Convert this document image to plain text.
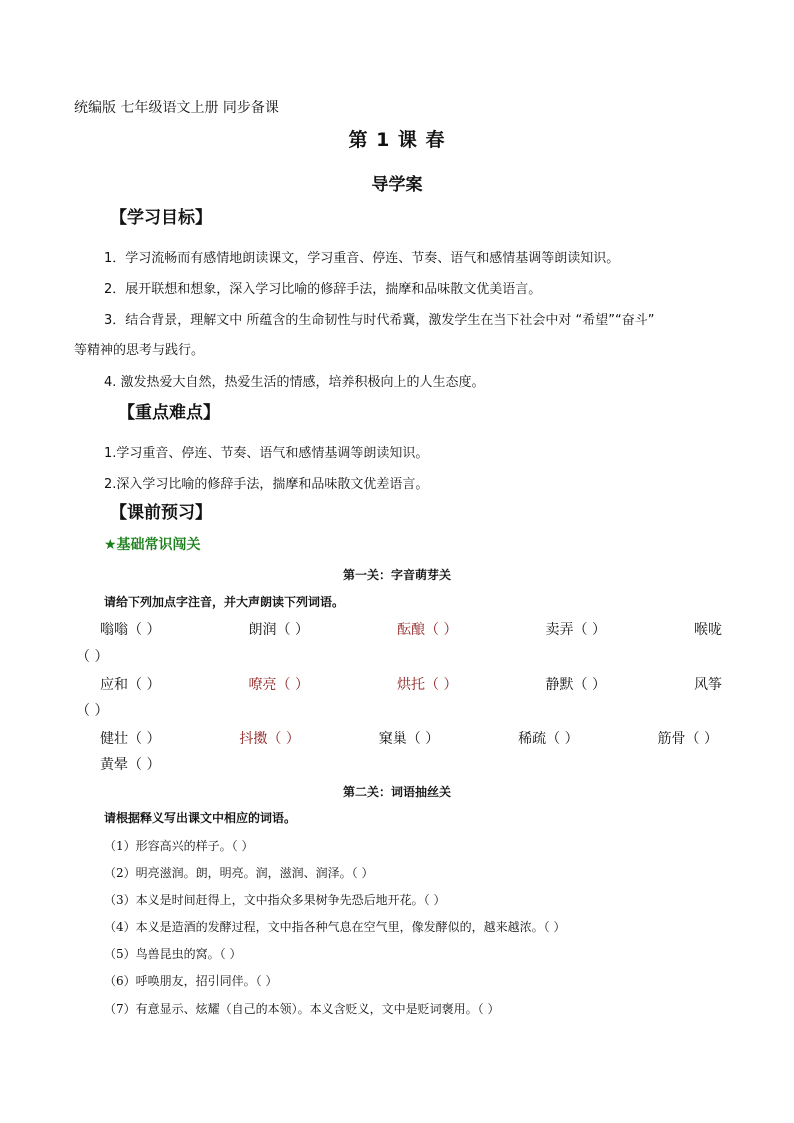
统编版 七年级语文上册 同步备课
第 1 课 春
导学案
【学习目标】
1．学习流畅而有感情地朗读课文，学习重音、停连、节奏、语气和感情基调等朗读知识。
2．展开联想和想象，深入学习比喻的修辞手法，揣摩和品味散文优美语言。
3．结合背景，理解文中 所蕴含的生命韧性与时代希冀，激发学生在当下社会中对 “希望”“奋斗”
等精神的思考与践行。
4. 激发热爱大自然，热爱生活的情感，培养积极向上的人生态度。
【重点难点】
1.学习重音、停连、节奏、语气和感情基调等朗读知识。
2.深入学习比喻的修辞手法，揣摩和品味散文优差语言。
【课前预习】
★基础常识闯关
第一关：字音萌芽关
请给下列加点字注音，并大声朗读下列词语。
嗡嗡（ ）	朗润（ ）	酝酿（ ）	卖弄（ ）	喉咙
（ ）
应和（ ）	嘹亮（ ）	烘托（ ）	静默（ ）	风筝
（ ）
健壮（ ）	抖擞（ ）	窠巢（ ）	稀疏（ ）	筋骨（ ）
黄晕（ ）
第二关：词语抽丝关
请根据释义写出课文中相应的词语。
（1）形容高兴的样子。（ ）
（2）明亮滋润。朗，明亮。润，滋润、润泽。（ ）
（3）本义是时间赶得上，文中指众多果树争先恐后地开花。（ ）
（4）本义是造酒的发酵过程，文中指各种气息在空气里，像发酵似的，越来越浓。（ ）
（5）鸟兽昆虫的窝。（ ）
（6）呼唤朋友，招引同伴。（ ）
（7）有意显示、炫耀（自己的本领）。本义含贬义，文中是贬词褒用。（ ）
